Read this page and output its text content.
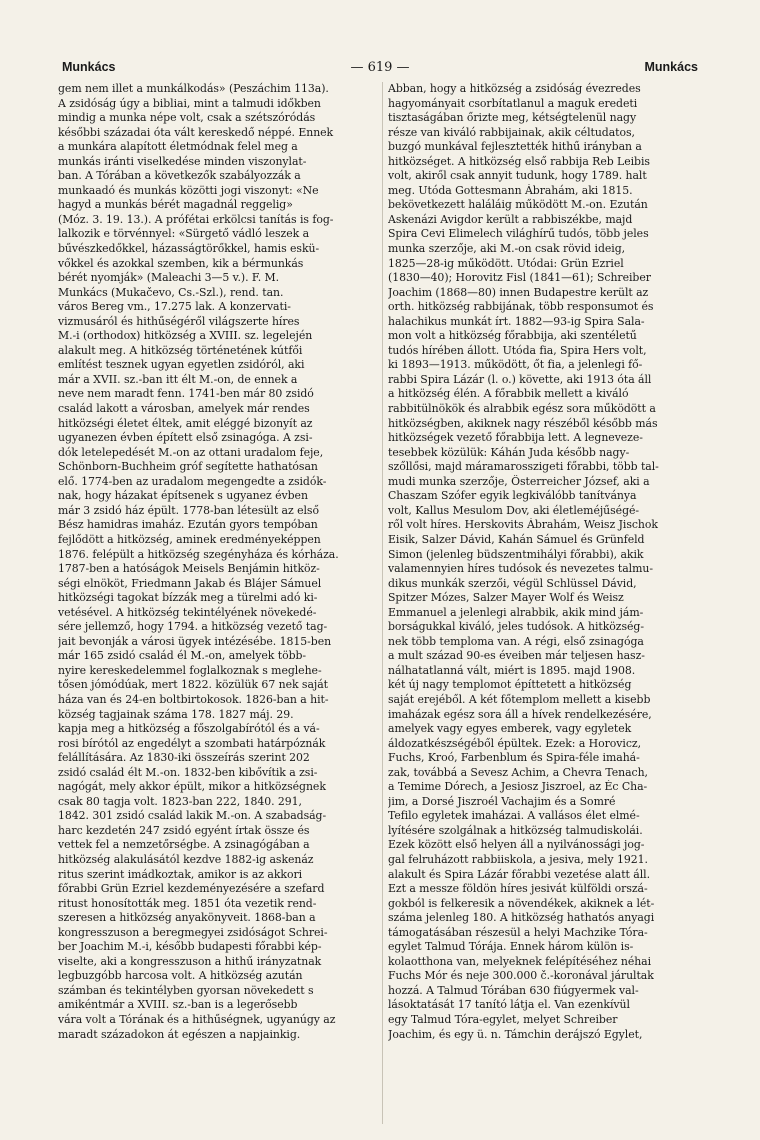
Munkács	— 619 —	Munkács
gem nem illet a munkálkodás» (Peszáchim 113a).
A zsidóság úgy a bibliai, mint a talmudi időkben
mindig a munka népe volt, csak a szétszóródás
későbbi századai óta vált kereskedő néppé. Ennek
a munkára alapított életmódnak felel meg a
munkás iránti viselkedése minden viszonylat-
ban. A Tórában a következők szabályozzák a
munkaadó és munkás közötti jogi viszonyt: «Ne
hagyd a munkás bérét magadnál reggelig»
(Móz. 3. 19. 13.). A prófétai erkölcsi tanítás is fog-
lalkozik e törvénnyel: «Sürgető vádló leszek a
bűvészkedőkkel, házasságtörőkkel, hamis eskü-
vőkkel és azokkal szemben, kik a bérmunkás
bérét nyomják» (Maleachi 3—5 v.). F. M.
Munkács (Mukačevo, Cs.-Szl.), rend. tan.
város Bereg vm., 17.275 lak. A konzervati-
vizmusáról és hithűségéről világszerte híres
M.-i (orthodox) hitközség a XVIII. sz. legelején
alakult meg. A hitközség történetének kútfői
említést tesznek ugyan egyetlen zsidóról, aki
már a XVII. sz.-ban itt élt M.-on, de ennek a
neve nem maradt fenn. 1741-ben már 80 zsidó
család lakott a városban, amelyek már rendes
hitközségi életet éltek, amit eléggé bizonyít az
ugyanezen évben épített első zsinagóga. A zsi-
dók letelepedését M.-on az ottani uradalom feje,
Schönborn-Buchheim gróf segítette hathatósan
elő. 1774-ben az uradalom megengedte a zsidók-
nak, hogy házakat építsenek s ugyanez évben
már 3 zsidó ház épült. 1778-ban létesült az első
Bész hamidras imaház. Ezután gyors tempóban
fejlődött a hitközség, aminek eredményeképpen
1876. felépült a hitközség szegényháza és kórháza.
1787-ben a hatóságok Meisels Benjámin hitköz-
ségi elnököt, Friedmann Jakab és Blájer Sámuel
hitközségi tagokat bízzák meg a türelmi adó ki-
vetésével. A hitközség tekintélyének növekedé-
sére jellemző, hogy 1794. a hitközség vezető tag-
jait bevonják a városi ügyek intézésébe. 1815-ben
már 165 zsidó család él M.-on, amelyek több-
nyire kereskedelemmel foglalkoznak s meglehe-
tősen jómódúak, mert 1822. közülük 67 nek saját
háza van és 24-en boltbirtokosok. 1826-ban a hit-
község tagjainak száma 178. 1827 máj. 29.
kapja meg a hitközség a főszolgabírótól és a vá-
rosi bírótól az engedélyt a szombati határpóznák
felállítására. Az 1830-iki összeírás szerint 202
zsidó család élt M.-on. 1832-ben kibővítik a zsi-
nagógát, mely akkor épült, mikor a hitközségnek
csak 80 tagja volt. 1823-ban 222, 1840. 291,
1842. 301 zsidó család lakik M.-on. A szabadság-
harc kezdetén 247 zsidó egyént írtak össze és
vettek fel a nemzetőrségbe. A zsinagógában a
hitközség alakulásától kezdve 1882-ig askenáz
ritus szerint imádkoztak, amikor is az akkori
főrabbi Grün Ezriel kezdeményezésére a szefard
ritust honosították meg. 1851 óta vezetik rend-
szeresen a hitközség anyakönyveit. 1868-ban a
kongresszuson a beregmegyei zsidóságot Schrei-
ber Joachim M.-i, később budapesti főrabbi kép-
viselte, aki a kongresszuson a hithű irányzatnak
legbuzgóbb harcosa volt. A hitközség azután
számban és tekintélyben gyorsan növekedett s
amikéntmár a XVIII. sz.-ban is a legerősebb
vára volt a Tórának és a hithűségnek, ugyanúgy az
maradt századokon át egészen a napjainkig.
Abban, hogy a hitközség a zsidóság évezredes
hagyományait csorbítatlanul a maguk eredeti
tisztaságában őrizte meg, kétségtelenül nagy
része van kiváló rabbijainak, akik céltudatos,
buzgó munkával fejlesztették hithű irányban a
hitközséget. A hitközség első rabbija Reb Leibis
volt, akiről csak annyit tudunk, hogy 1789. halt
meg. Utóda Gottesmann Ábrahám, aki 1815.
bekövetkezett haláláig működött M.-on. Ezután
Askenázi Avigdor került a rabbiszékbe, majd
Spira Cevi Elimelech világhírű tudós, több jeles
munka szerzője, aki M.-on csak rövid ideig,
1825—28-ig működött. Utódai: Grün Ezriel
(1830—40); Horovitz Fisl (1841—61); Schreiber
Joachim (1868—80) innen Budapestre került az
orth. hitközség rabbijának, több responsumot és
halachikus munkát írt. 1882—93-ig Spira Sala-
mon volt a hitközség főrabbija, aki szentéletű
tudós hírében állott. Utóda fia, Spira Hers volt,
ki 1893—1913. működött, őt fia, a jelenlegi fő-
rabbi Spira Lázár (l. o.) követte, aki 1913 óta áll
a hitközség élén. A főrabbik mellett a kiváló
rabbitülnökök és alrabbik egész sora működött a
hitközségben, akiknek nagy részéből később más
hitközségek vezető főrabbija lett. A legneveze-
tesebbek közülük: Káhán Juda később nagy-
szőllősi, majd máramarosszigeti főrabbi, több tal-
mudi munka szerzője, Österreicher József, aki a
Chaszam Szófer egyik legkiválóbb tanítványa
volt, Kallus Mesulom Dov, aki életleméjűségé-
ről volt híres. Herskovits Ábrahám, Weisz Jischok
Eisik, Salzer Dávid, Kahán Sámuel és Grünfeld
Simon (jelenleg büdszentmihályi főrabbi), akik
valamennyien híres tudósok és nevezetes talmu-
dikus munkák szerzői, végül Schlüssel Dávid,
Spitzer Mózes, Salzer Mayer Wolf és Weisz
Emmanuel a jelenlegi alrabbik, akik mind jám-
borságukkal kiváló, jeles tudósok. A hitközség-
nek több temploma van. A régi, első zsinagóga
a mult század 90-es éveiben már teljesen hasz-
nálhatatlanná vált, miért is 1895. majd 1908.
két új nagy templomot építtetett a hitközség
saját erejéből. A két főtemplom mellett a kisebb
imaházak egész sora áll a hívek rendelkezésére,
amelyek vagy egyes emberek, vagy egyletek
áldozatkészségéből épültek. Ezek: a Horovicz,
Fuchs, Kroó, Farbenblum és Spira-féle imahá-
zak, továbbá a Sevesz Achim, a Chevra Tenach,
a Temime Dórech, a Jesiosz Jiszroel, az Éc Cha-
jim, a Dorsé Jiszroél Vachajim és a Somré
Tefilo egyletek imaházai. A vallásos élet elmé-
lyítésére szolgálnak a hitközség talmudiskolái.
Ezek között első helyen áll a nyilvánossági jog-
gal felruházott rabbiiskola, a jesiva, mely 1921.
alakult és Spira Lázár főrabbi vezetése alatt áll.
Ezt a messze földön híres jesivát külföldi orszá-
gokból is felkeresik a növendékek, akiknek a lét-
száma jelenleg 180. A hitközség hathatós anyagi
támogatásában részesül a helyi Machzike Tóra-
egylet Talmud Tórája. Ennek három külön is-
kolaotthona van, melyeknek felépítéséhez néhai
Fuchs Mór és neje 300.000 č.-koronával járultak
hozzá. A Talmud Tórában 630 fiúgyermek val-
lásoktatását 17 tanító látja el. Van ezenkívül
egy Talmud Tóra-egylet, melyet Schreiber
Joachim, és egy ü. n. Támchin derájszó Egylet,
